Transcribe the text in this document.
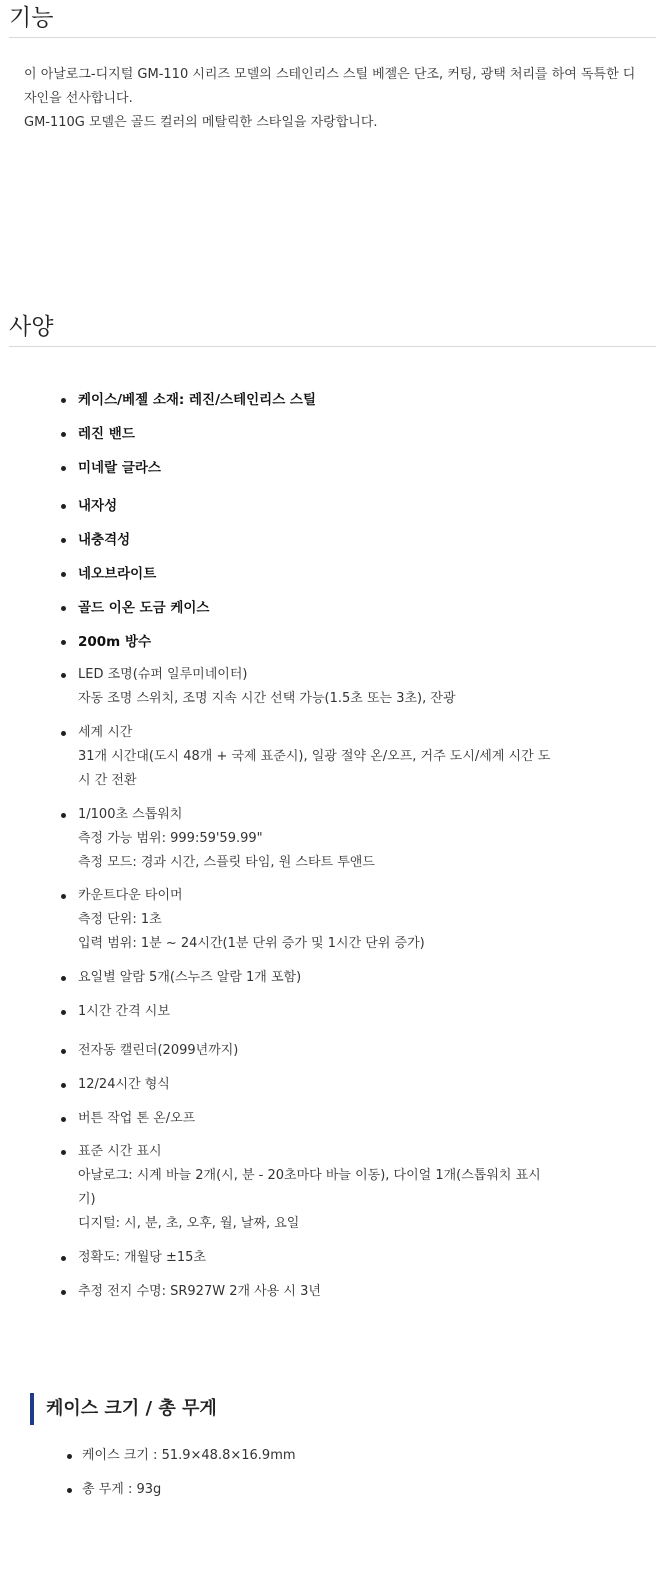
기능

이 아날로그-디지털 GM-110 시리즈 모델의 스테인리스 스틸 베젤은 단조, 커팅, 광택 처리를 하여 독특한 디자인을 선사합니다.

GM-110G 모델은 골드 컬러의 메탈릭한 스타일을 자랑합니다.

사양
케이스/베젤 소재: 레진/스테인리스 스틸
레진 밴드
미네랄 글라스
내자성
내충격성
네오브라이트
골드 이온 도금 케이스
200m 방수
LED 조명(슈퍼 일루미네이터)
자동 조명 스위치, 조명 지속 시간 선택 가능(1.5초 또는 3초), 잔광
세계 시간
31개 시간대(도시 48개 + 국제 표준시), 일광 절약 온/오프, 거주 도시/세계 시간 도
시 간 전환
1/100초 스톱워치
측정 가능 범위: 999:59'59.99"
측정 모드: 경과 시간, 스플릿 타임, 원 스타트 투앤드
카운트다운 타이머
측정 단위: 1초
입력 범위: 1분 ~ 24시간(1분 단위 증가 및 1시간 단위 증가)
요일별 알람 5개(스누즈 알람 1개 포함)
1시간 간격 시보
전자동 캘린더(2099년까지)
12/24시간 형식
버튼 작업 톤 온/오프
표준 시간 표시
아날로그: 시계 바늘 2개(시, 분 - 20초마다 바늘 이동), 다이얼 1개(스톱워치 표시
기)
디지털: 시, 분, 초, 오후, 월, 날짜, 요일
정확도: 개월당 ±15초
추정 전지 수명: SR927W 2개 사용 시 3년
케이스 크기 / 총 무게
케이스 크기 : 51.9×48.8×16.9mm
총 무게 : 93g
